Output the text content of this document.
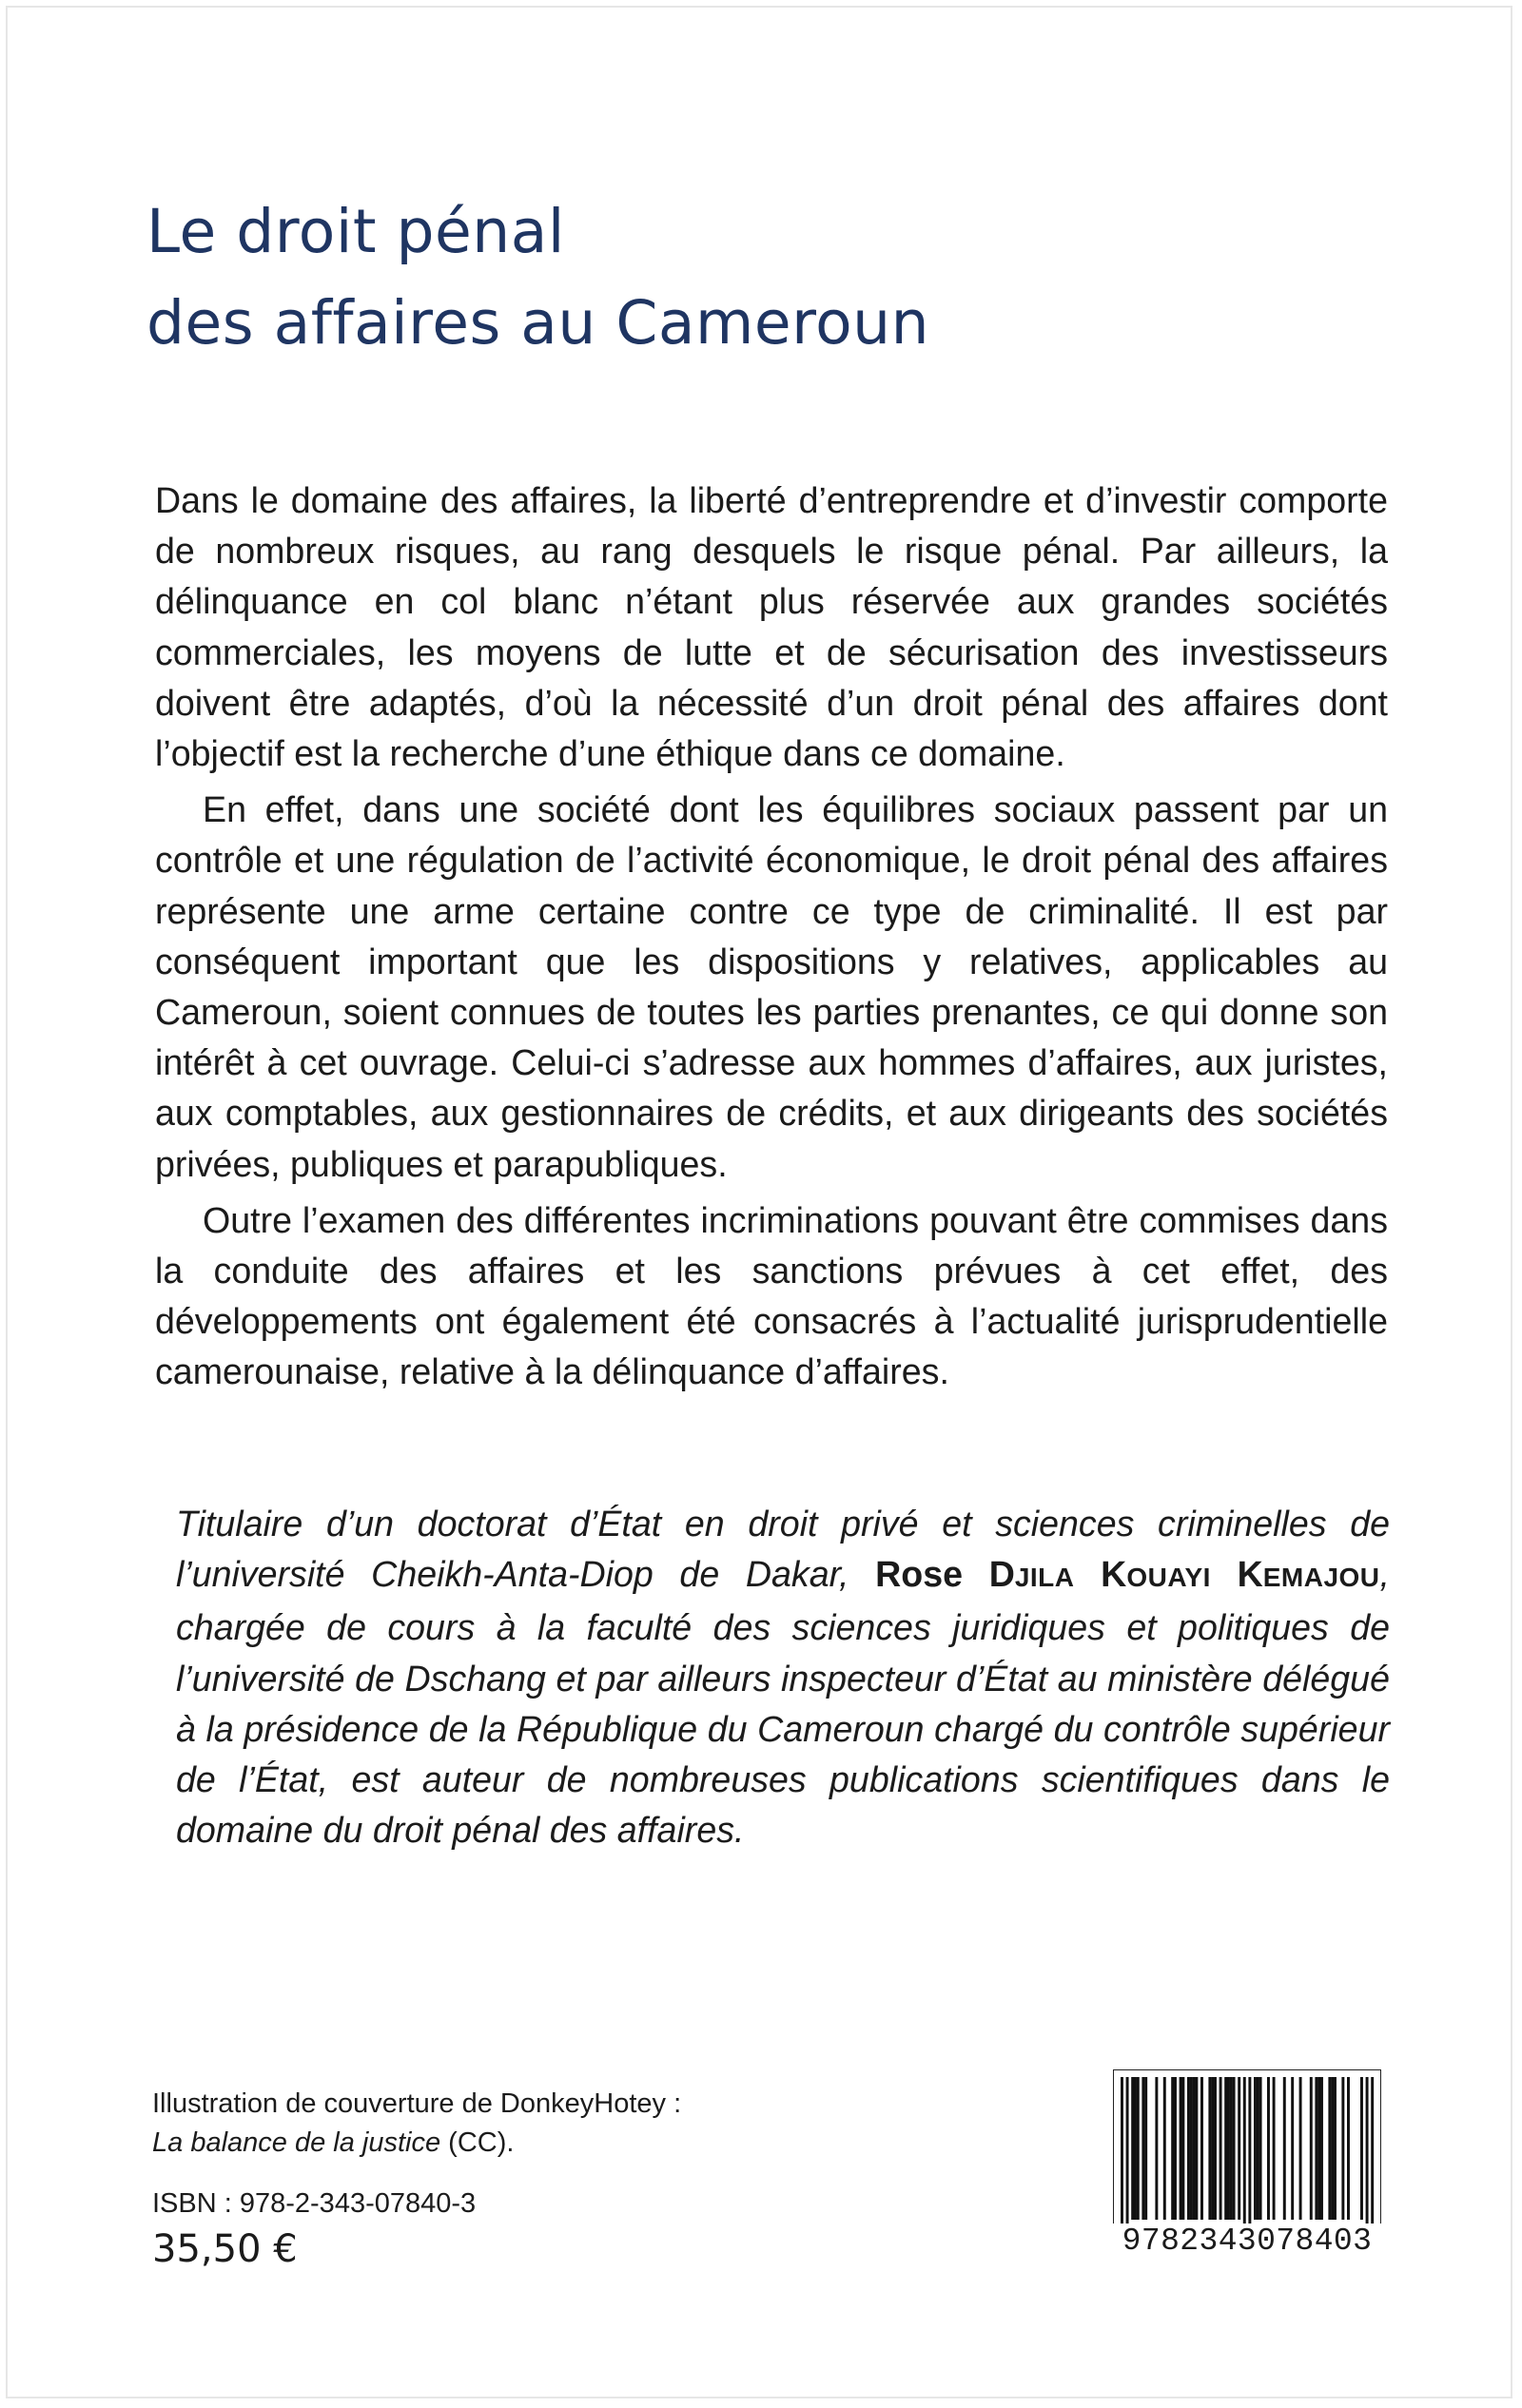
Le droit pénal
des affaires au Cameroun

Dans le domaine des affaires, la liberté d’entreprendre et d’investir comporte de nombreux risques, au rang desquels le risque pénal. Par ailleurs, la délinquance en col blanc n’étant plus réservée aux grandes sociétés commerciales, les moyens de lutte et de sécurisation des investisseurs doivent être adaptés, d’où la nécessité d’un droit pénal des affaires dont l’objectif est la recherche d’une éthique dans ce domaine.

En effet, dans une société dont les équilibres sociaux passent par un contrôle et une régulation de l’activité économique, le droit pénal des affaires représente une arme certaine contre ce type de criminalité. Il est par conséquent important que les dispositions y relatives, applicables au Cameroun, soient connues de toutes les parties prenantes, ce qui donne son intérêt à cet ouvrage. Celui-ci s’adresse aux hommes d’affaires, aux juristes, aux comptables, aux gestionnaires de crédits, et aux dirigeants des sociétés privées, publiques et parapubliques.

Outre l’examen des différentes incriminations pouvant être commises dans la conduite des affaires et les sanctions prévues à cet effet, des développements ont également été consacrés à l’actualité jurisprudentielle camerounaise, relative à la délinquance d’affaires.

Titulaire d’un doctorat d’État en droit privé et sciences criminelles de l’université Cheikh-Anta-Diop de Dakar, Rose DJILA KOUAYI KEMAJOU, chargée de cours à la faculté des sciences juridiques et politiques de l’université de Dschang et par ailleurs inspecteur d’État au ministère délégué à la présidence de la République du Cameroun chargé du contrôle supérieur de l’État, est auteur de nombreuses publications scientifiques dans le domaine du droit pénal des affaires.

Illustration de couverture de DonkeyHotey :
La balance de la justice (CC).
ISBN : 978-2-343-07840-3
35,50 €	9782343078403
